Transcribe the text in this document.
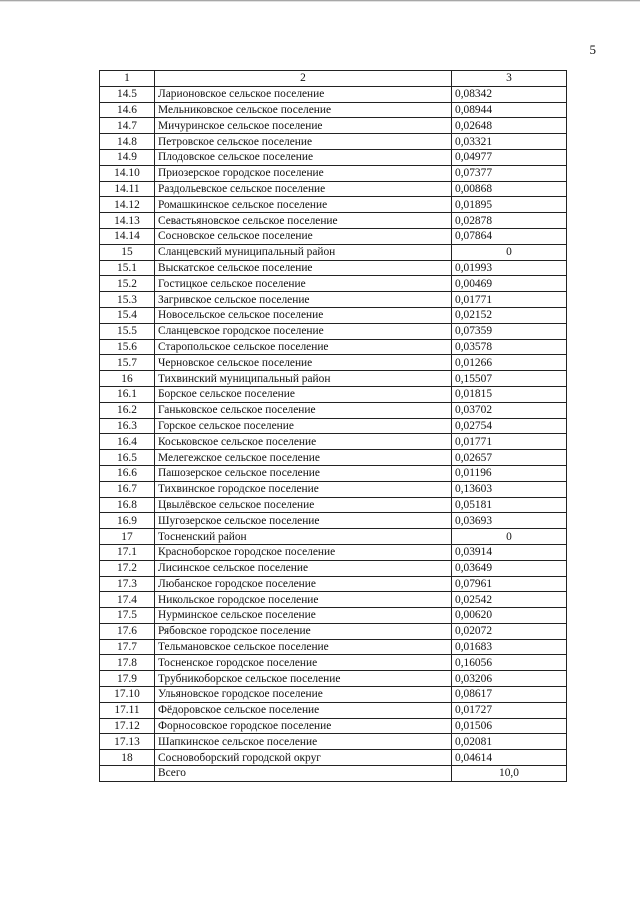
5
1	2	3
14.5	Ларионовское сельское поселение	0,08342
14.6	Мельниковское сельское поселение	0,08944
14.7	Мичуринское сельское поселение	0,02648
14.8	Петровское сельское поселение	0,03321
14.9	Плодовское сельское поселение	0,04977
14.10	Приозерское городское поселение	0,07377
14.11	Раздольевское сельское поселение	0,00868
14.12	Ромашкинское сельское поселение	0,01895
14.13	Севастьяновское сельское поселение	0,02878
14.14	Сосновское сельское поселение	0,07864
15	Сланцевский муниципальный район	0
15.1	Выскатское сельское поселение	0,01993
15.2	Гостицкое сельское поселение	0,00469
15.3	Загривское сельское поселение	0,01771
15.4	Новосельское сельское поселение	0,02152
15.5	Сланцевское городское поселение	0,07359
15.6	Старопольское сельское поселение	0,03578
15.7	Черновское сельское поселение	0,01266
16	Тихвинский муниципальный район	0,15507
16.1	Борское сельское поселение	0,01815
16.2	Ганьковское сельское поселение	0,03702
16.3	Горское сельское поселение	0,02754
16.4	Коськовское сельское поселение	0,01771
16.5	Мелегежское сельское поселение	0,02657
16.6	Пашозерское сельское поселение	0,01196
16.7	Тихвинское городское поселение	0,13603
16.8	Цвылёвское сельское поселение	0,05181
16.9	Шугозерское сельское поселение	0,03693
17	Тосненский район	0
17.1	Красноборское городское поселение	0,03914
17.2	Лисинское сельское поселение	0,03649
17.3	Любанское городское поселение	0,07961
17.4	Никольское городское поселение	0,02542
17.5	Нурминское сельское поселение	0,00620
17.6	Рябовское городское поселение	0,02072
17.7	Тельмановское сельское поселение	0,01683
17.8	Тосненское городское поселение	0,16056
17.9	Трубникоборское сельское поселение	0,03206
17.10	Ульяновское городское поселение	0,08617
17.11	Фёдоровское сельское поселение	0,01727
17.12	Форносовское городское поселение	0,01506
17.13	Шапкинское сельское поселение	0,02081
18	Сосновоборский городской округ	0,04614
	Всего	10,0
